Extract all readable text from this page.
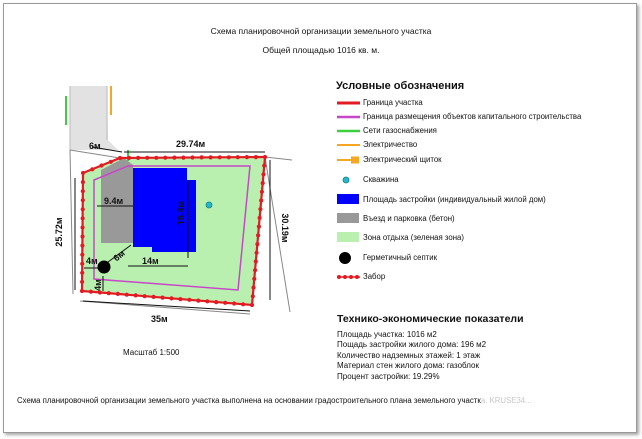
Схема планировочной организации земельного участка
Общей площадью 1016 кв. м.
29.74м
25.72м	30.19м
35м
6м
9.4м	15.4м
14м
6м
4м
4м
Условные обозначения
Граница участка
Граница размещения объектов капитального строительства
Сети газоснабжения
Электричество
Электрический щиток
Скважина
Площадь застройки (индивидуальный жилой дом)
Въезд и парковка (бетон)
Зона отдыха (зеленая зона)
Герметичный септик
Забор
Технико-экономические показатели
Площадь участка: 1016 м2
Пощадь застройки жилого дома: 196 м2
Количество надземных этажей: 1 этаж
Материал стен жилого дома: газоблок
Процент застройки: 19.29%
Масштаб 1:500
Схема планировочной организации земельного участка выполнена на основании градостроительного плана земельного участка. KRUSE34...
